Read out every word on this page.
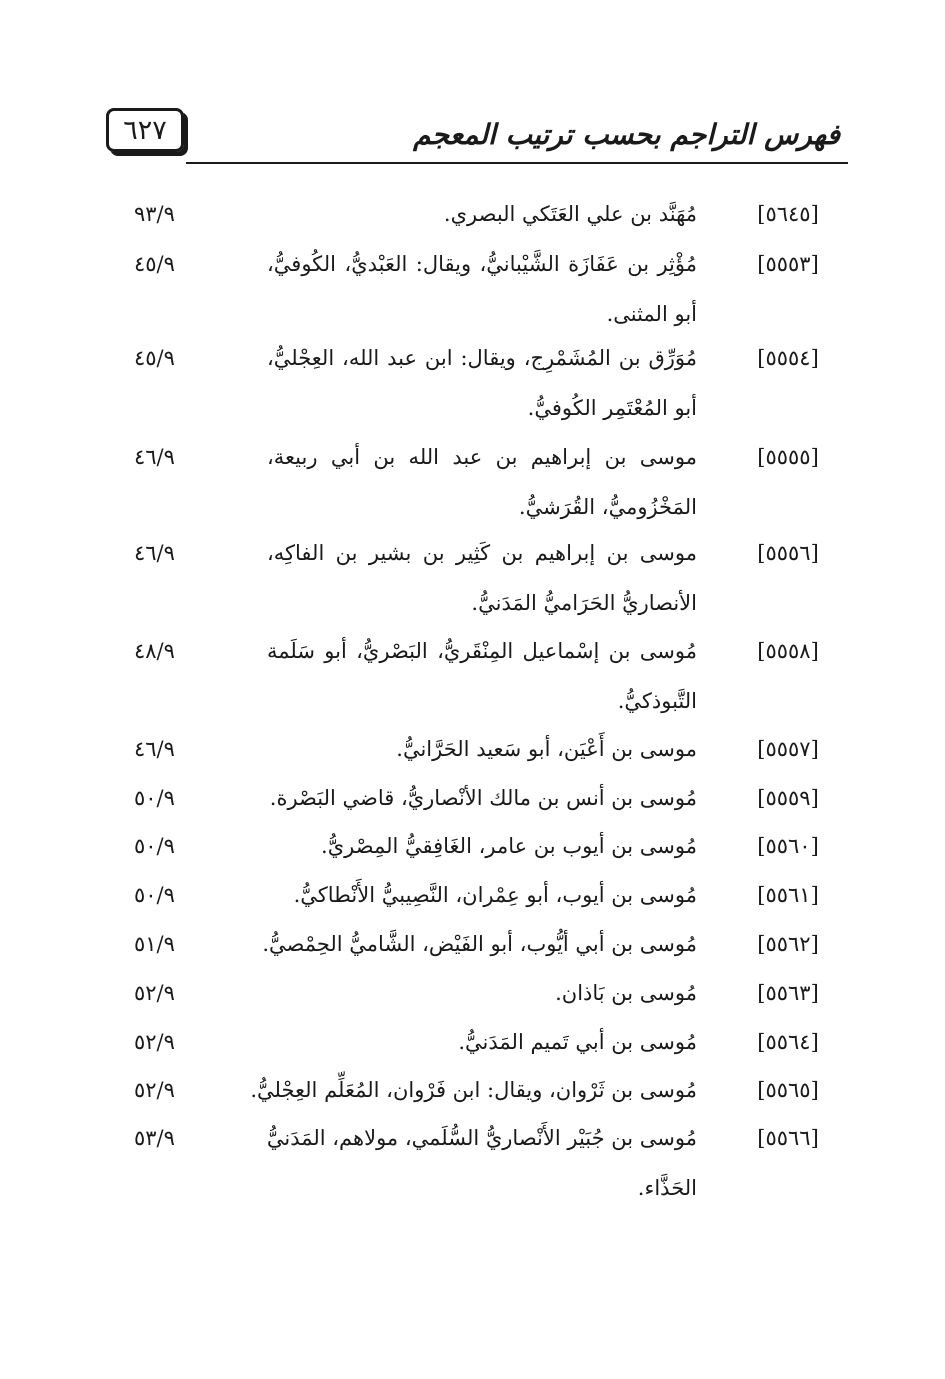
٦٢٧	فهرس التراجم بحسب ترتيب المعجم
[٥٦٤٥]
مُهَنَّد بن علي العَتَكي البصري.
٩٣/٩
[٥٥٥٣]
مُؤْثِر بن عَفَازَة الشَّيْبانيُّ، ويقال: العَبْديُّ، الكُوفيُّ،
٤٥/٩
أبو المثنى.
[٥٥٥٤]
مُوَرِّق بن المُشَمْرِج، ويقال: ابن عبد الله، العِجْليُّ،
٤٥/٩
أبو المُعْتَمِر الكُوفيُّ.
[٥٥٥٥]
موسى بن إبراهيم بن عبد الله بن أبي ربيعة،
٤٦/٩
المَخْزُوميُّ، القُرَشيُّ.
[٥٥٥٦]
موسى بن إبراهيم بن كَثِير بن بشير بن الفاكِه،
٤٦/٩
الأنصاريُّ الحَرَاميُّ المَدَنيُّ.
[٥٥٥٨]
مُوسى بن إسْماعيل المِنْقَريُّ، البَصْريُّ، أبو سَلَمة
٤٨/٩
التَّبوذكيُّ.
[٥٥٥٧]
موسى بن أَعْيَن، أبو سَعيد الحَرَّانيُّ.
٤٦/٩
[٥٥٥٩]
مُوسى بن أنس بن مالك الأنْصاريُّ، قاضي البَصْرة.
٥٠/٩
[٥٥٦٠]
مُوسى بن أيوب بن عامر، الغَافِقيُّ المِصْريُّ.
٥٠/٩
[٥٥٦١]
مُوسى بن أيوب، أبو عِمْران، النَّصِيبيُّ الأَنْطاكيُّ.
٥٠/٩
[٥٥٦٢]
مُوسى بن أبي أيُّوب، أبو الفَيْض، الشَّاميُّ الحِمْصيُّ.
٥١/٩
[٥٥٦٣]
مُوسى بن بَاذان.
٥٢/٩
[٥٥٦٤]
مُوسى بن أبي تَميم المَدَنيُّ.
٥٢/٩
[٥٥٦٥]
مُوسى بن ثَرْوان، ويقال: ابن فَرْوان، المُعَلِّم العِجْليُّ.
٥٢/٩
[٥٥٦٦]
مُوسى بن جُبَيْر الأَنْصاريُّ السُّلَمي، مولاهم، المَدَنيُّ
٥٣/٩
الحَذَّاء.
